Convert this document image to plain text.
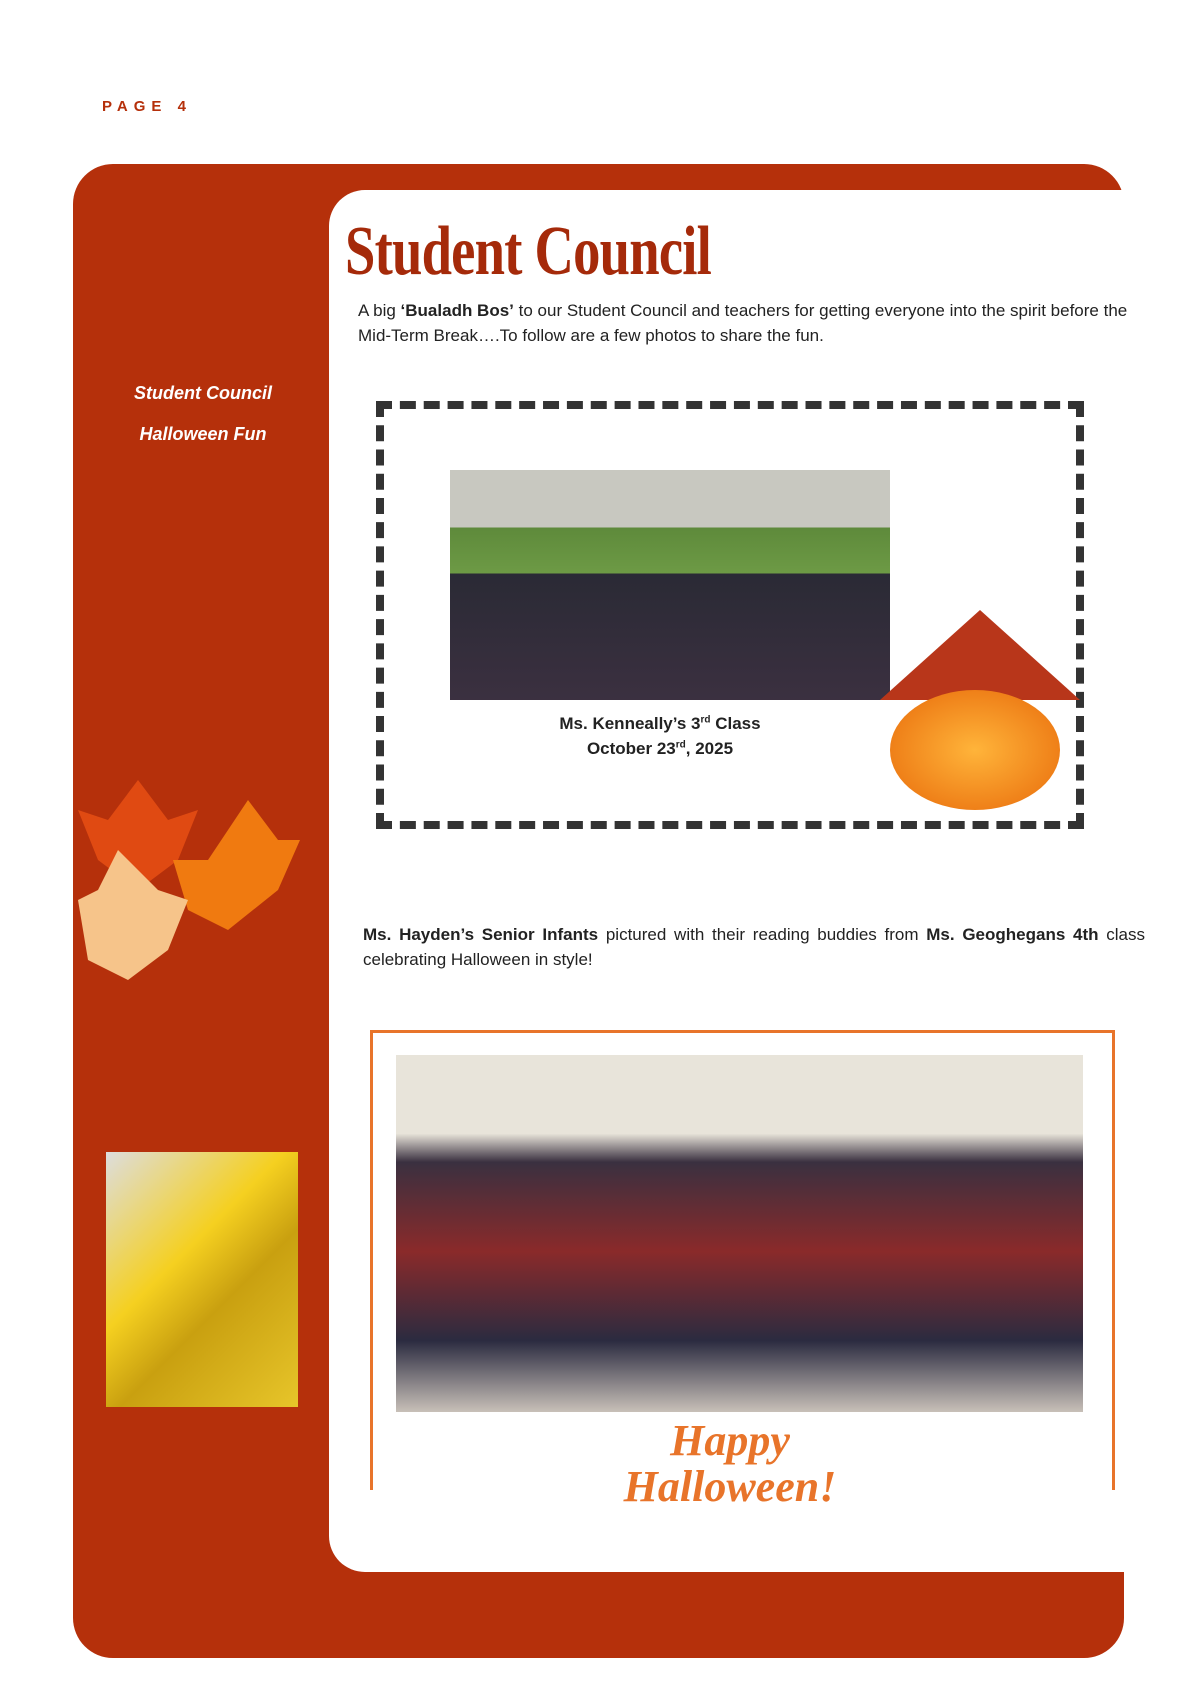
PAGE 4
Student Council
Halloween Fun
Student Council

A big ‘Bualadh Bos’ to our Student Council and teachers for getting everyone into the spirit before the Mid-Term Break….To follow are a few photos to share the fun.

Ms. Kenneally’s 3rd Class
October 23rd, 2025

Ms. Hayden’s Senior Infants pictured with their reading buddies from Ms. Geoghegans 4th class celebrating Halloween in style!

Happy
Halloween!
